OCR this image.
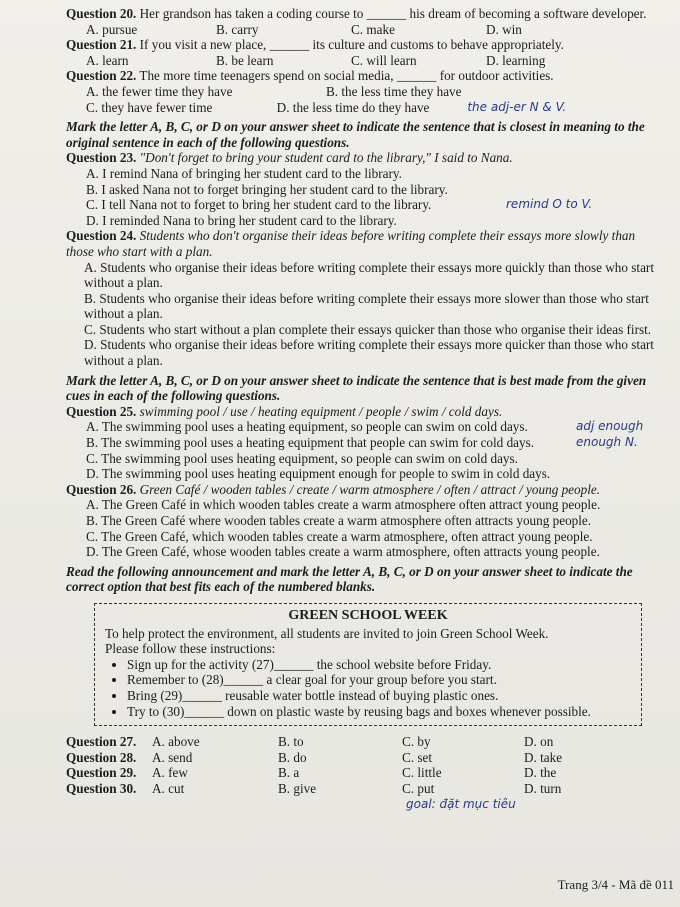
Question 20. Her grandson has taken a coding course to ______ his dream of becoming a software developer.

A. pursue	B. carry	C. make	D. win

Question 21. If you visit a new place, ______ its culture and customs to behave appropriately.

A. learn	B. be learn	C. will learn	D. learning

Question 22. The more time teenagers spend on social media, ______ for outdoor activities.

A. the fewer time they have	B. the less time they have
C. they have fewer time	D. the less time do they have	the adj-er N & V.

Mark the letter A, B, C, or D on your answer sheet to indicate the sentence that is closest in meaning to the original sentence in each of the following questions.

Question 23. "Don't forget to bring your student card to the library," I said to Nana.

A. I remind Nana of bringing her student card to the library.
B. I asked Nana not to forget bringing her student card to the library.
C. I tell Nana not to forget to bring her student card to the library.	remind O to V.
D. I reminded Nana to bring her student card to the library.

Question 24. Students who don't organise their ideas before writing complete their essays more slowly than those who start with a plan.

A. Students who organise their ideas before writing complete their essays more quickly than those who start without a plan.
B. Students who organise their ideas before writing complete their essays more slower than those who start without a plan.
C. Students who start without a plan complete their essays quicker than those who organise their ideas first.
D. Students who organise their ideas before writing complete their essays more quicker than those who start without a plan.

Mark the letter A, B, C, or D on your answer sheet to indicate the sentence that is best made from the given cues in each of the following questions.

Question 25. swimming pool / use / heating equipment / people / swim / cold days.

A. The swimming pool uses a heating equipment, so people can swim on cold days.	adj enough
B. The swimming pool uses a heating equipment that people can swim for cold days.	enough N.
C. The swimming pool uses heating equipment, so people can swim on cold days.
D. The swimming pool uses heating equipment enough for people to swim in cold days.

Question 26. Green Café / wooden tables / create / warm atmosphere / often / attract / young people.

A. The Green Café in which wooden tables create a warm atmosphere often attract young people.
B. The Green Café where wooden tables create a warm atmosphere often attracts young people.
C. The Green Café, which wooden tables create a warm atmosphere, often attract young people.
D. The Green Café, whose wooden tables create a warm atmosphere, often attracts young people.

Read the following announcement and mark the letter A, B, C, or D on your answer sheet to indicate the correct option that best fits each of the numbered blanks.

GREEN SCHOOL WEEK
To help protect the environment, all students are invited to join Green School Week.
Please follow these instructions:
• Sign up for the activity (27)______ the school website before Friday.
• Remember to (28)______ a clear goal for your group before you start.
• Bring (29)______ reusable water bottle instead of buying plastic ones.
• Try to (30)______ down on plastic waste by reusing bags and boxes whenever possible.
Question 27.	A. above	B. to	C. by	D. on
Question 28.	A. send	B. do	C. set	D. take
Question 29.	A. few	B. a	C. little	D. the
Question 30.	A. cut	B. give	C. put	D. turn
goal: đặt mục tiêu
Trang 3/4 - Mã đề 011
